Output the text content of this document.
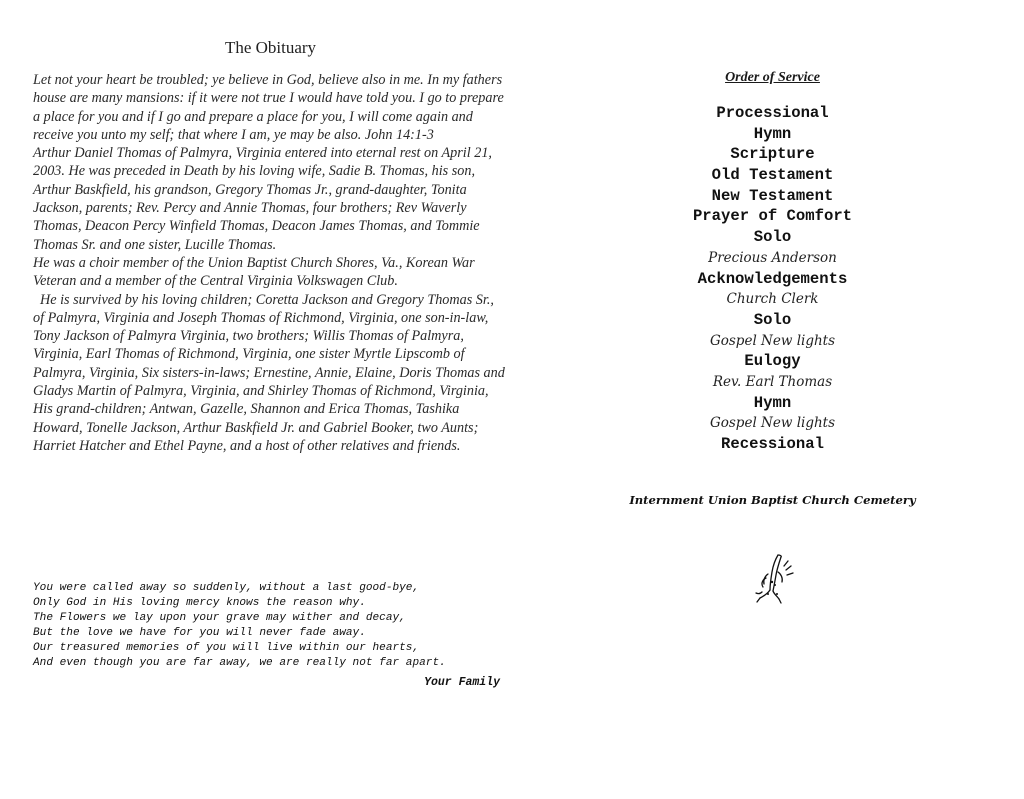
The Obituary

Let not your heart be troubled; ye believe in God, believe also in me. In my fathers house are many mansions: if it were not true I would have told you. I go to prepare a place for you and if I go and prepare a place for you, I will come again and receive you unto my self; that where I am, ye may be also. John 14:1-3

Arthur Daniel Thomas of Palmyra, Virginia entered into eternal rest on April 21, 2003. He was preceded in Death by his loving wife, Sadie B. Thomas, his son, Arthur Baskfield, his grandson, Gregory Thomas Jr., grand-daughter, Tonita Jackson, parents; Rev. Percy and Annie Thomas, four brothers; Rev Waverly Thomas, Deacon Percy Winfield Thomas, Deacon James Thomas, and Tommie Thomas Sr. and one sister, Lucille Thomas.

He was a choir member of the Union Baptist Church Shores, Va., Korean War Veteran and a member of the Central Virginia Volkswagen Club.

He is survived by his loving children; Coretta Jackson and Gregory Thomas Sr., of Palmyra, Virginia and Joseph Thomas of Richmond, Virginia, one son-in-law, Tony Jackson of Palmyra Virginia, two brothers; Willis Thomas of Palmyra, Virginia, Earl Thomas of Richmond, Virginia, one sister Myrtle Lipscomb of Palmyra, Virginia, Six sisters-in-laws; Ernestine, Annie, Elaine, Doris Thomas and Gladys Martin of Palmyra, Virginia, and Shirley Thomas of Richmond, Virginia, His grand-children; Antwan, Gazelle, Shannon and Erica Thomas, Tashika Howard, Tonelle Jackson, Arthur Baskfield Jr. and Gabriel Booker, two Aunts; Harriet Hatcher and Ethel Payne, and a host of other relatives and friends.

You were called away so suddenly, without a last good-bye,

Only God in His loving mercy knows the reason why.

The Flowers we lay upon your grave may wither and decay,

But the love we have for you will never fade away.

Our treasured memories of you will live within our hearts,

And even though you are far away, we are really not far apart.

Your Family
Order of Service
Processional
Hymn
Scripture
Old Testament
New Testament
Prayer of Comfort
Solo
Precious Anderson
Acknowledgements
Church Clerk
Solo
Gospel New lights
Eulogy
Rev. Earl Thomas
Hymn
Gospel New lights
Recessional
Internment Union Baptist Church Cemetery
